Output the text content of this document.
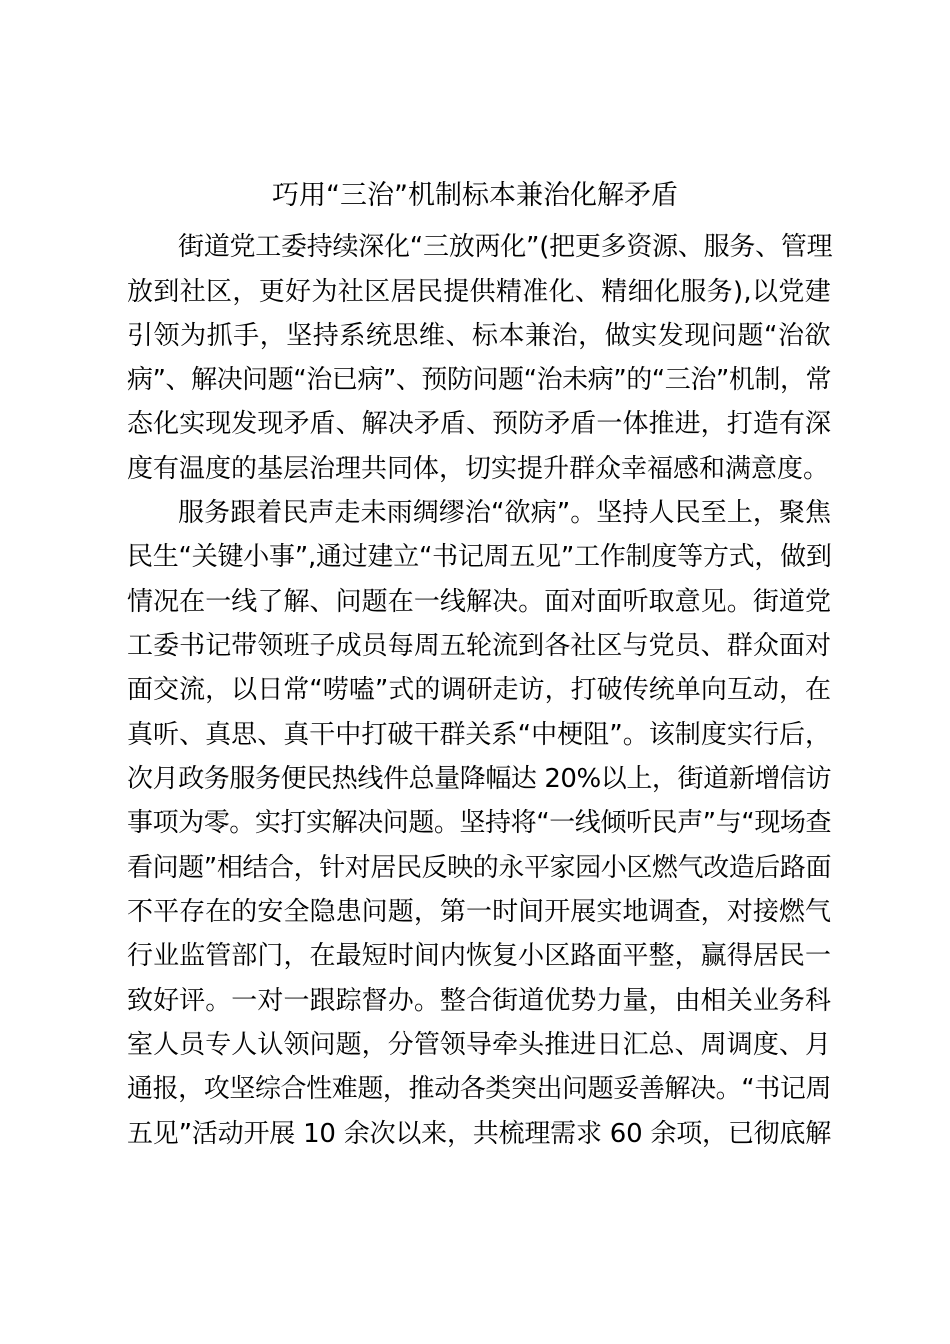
巧用“三治”机制标本兼治化解矛盾
街道党工委持续深化“三放两化”(把更多资源、服务、管理
放到社区，更好为社区居民提供精准化、精细化服务),以党建
引领为抓手，坚持系统思维、标本兼治，做实发现问题“治欲
病”、解决问题“治已病”、预防问题“治未病”的“三治”机制，常
态化实现发现矛盾、解决矛盾、预防矛盾一体推进，打造有深
度有温度的基层治理共同体，切实提升群众幸福感和满意度。
服务跟着民声走未雨绸缪治“欲病”。坚持人民至上，聚焦
民生“关键小事”,通过建立“书记周五见”工作制度等方式，做到
情况在一线了解、问题在一线解决。面对面听取意见。街道党
工委书记带领班子成员每周五轮流到各社区与党员、群众面对
面交流，以日常“唠嗑”式的调研走访，打破传统单向互动，在
真听、真思、真干中打破干群关系“中梗阻”。该制度实行后，
次月政务服务便民热线件总量降幅达 20%以上，街道新增信访
事项为零。实打实解决问题。坚持将“一线倾听民声”与“现场查
看问题”相结合，针对居民反映的永平家园小区燃气改造后路面
不平存在的安全隐患问题，第一时间开展实地调查，对接燃气
行业监管部门，在最短时间内恢复小区路面平整，赢得居民一
致好评。一对一跟踪督办。整合街道优势力量，由相关业务科
室人员专人认领问题，分管领导牵头推进日汇总、周调度、月
通报，攻坚综合性难题，推动各类突出问题妥善解决。“书记周
五见”活动开展 10 余次以来，共梳理需求 60 余项，已彻底解
